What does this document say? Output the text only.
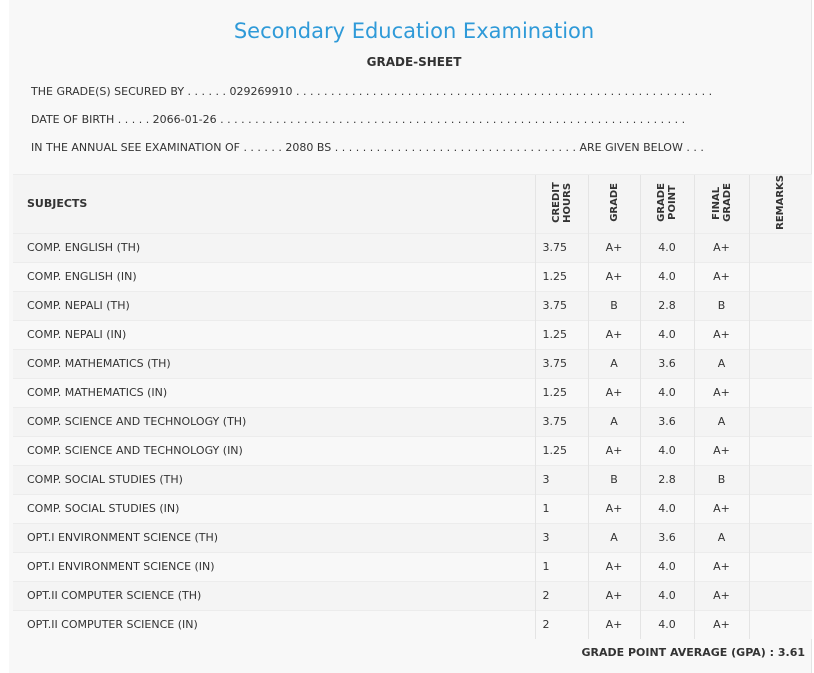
Secondary Education Examination
GRADE-SHEET
THE GRADE(S) SECURED BY . . . . . . 029269910 . . . . . . . . . . . . . . . . . . . . . . . . . . . . . . . . . . . . . . . . . . . . . . . . . . . . . . . . . . . .
DATE OF BIRTH . . . . . 2066-01-26 . . . . . . . . . . . . . . . . . . . . . . . . . . . . . . . . . . . . . . . . . . . . . . . . . . . . . . . . . . . . . . . . . . .
IN THE ANNUAL SEE EXAMINATION OF . . . . . . 2080 BS . . . . . . . . . . . . . . . . . . . . . . . . . . . . . . . . . . . ARE GIVEN BELOW . . .
SUBJECTS	CREDIT HOURS	GRADE	GRADE POINT	FINAL GRADE	REMARKS
COMP. ENGLISH (TH)	3.75	A+	4.0	A+	
COMP. ENGLISH (IN)	1.25	A+	4.0	A+	
COMP. NEPALI (TH)	3.75	B	2.8	B	
COMP. NEPALI (IN)	1.25	A+	4.0	A+	
COMP. MATHEMATICS (TH)	3.75	A	3.6	A	
COMP. MATHEMATICS (IN)	1.25	A+	4.0	A+	
COMP. SCIENCE AND TECHNOLOGY (TH)	3.75	A	3.6	A	
COMP. SCIENCE AND TECHNOLOGY (IN)	1.25	A+	4.0	A+	
COMP. SOCIAL STUDIES (TH)	3	B	2.8	B	
COMP. SOCIAL STUDIES (IN)	1	A+	4.0	A+	
OPT.I ENVIRONMENT SCIENCE (TH)	3	A	3.6	A	
OPT.I ENVIRONMENT SCIENCE (IN)	1	A+	4.0	A+	
OPT.II COMPUTER SCIENCE (TH)	2	A+	4.0	A+	
OPT.II COMPUTER SCIENCE (IN)	2	A+	4.0	A+	
GRADE POINT AVERAGE (GPA) : 3.61
